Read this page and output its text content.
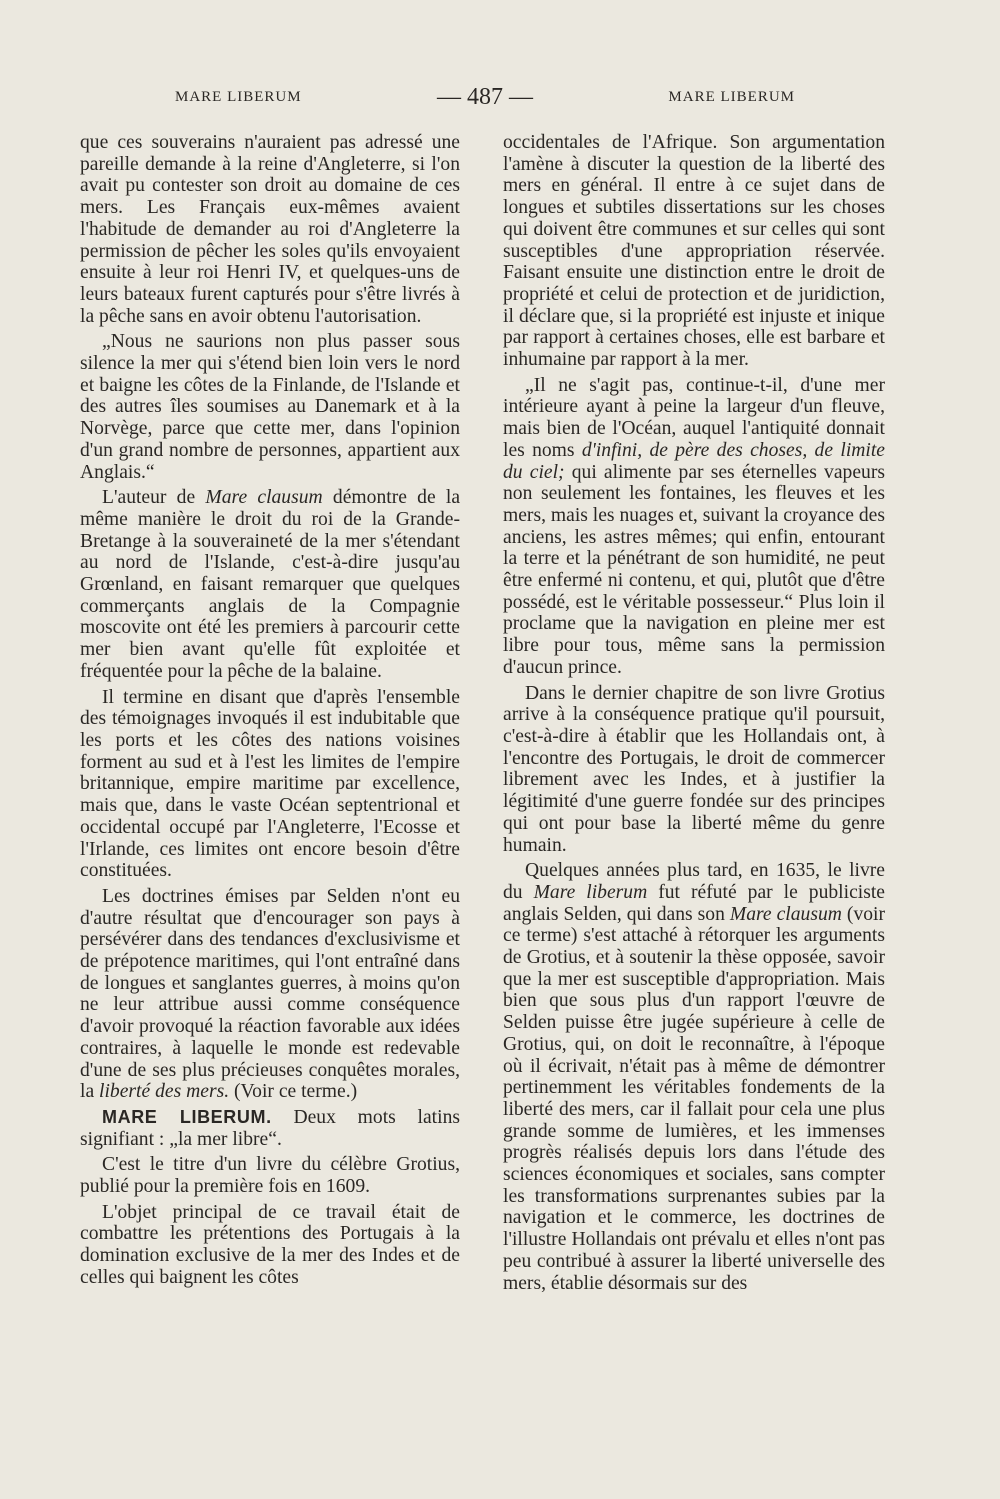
MARE LIBERUM	— 487 —	MARE LIBERUM

que ces souverains n'auraient pas adressé une pareille demande à la reine d'Angleterre, si l'on avait pu contester son droit au domaine de ces mers. Les Français eux-mêmes avaient l'habitude de demander au roi d'Angleterre la permission de pêcher les soles qu'ils envoyaient ensuite à leur roi Henri IV, et quelques-uns de leurs bateaux furent capturés pour s'être livrés à la pêche sans en avoir obtenu l'autorisation.

„Nous ne saurions non plus passer sous silence la mer qui s'étend bien loin vers le nord et baigne les côtes de la Finlande, de l'Islande et des autres îles soumises au Danemark et à la Norvège, parce que cette mer, dans l'opinion d'un grand nombre de personnes, appartient aux Anglais.“

L'auteur de Mare clausum démontre de la même manière le droit du roi de la Grande-Bretange à la souveraineté de la mer s'étendant au nord de l'Islande, c'est-à-dire jusqu'au Grœnland, en faisant remarquer que quelques commerçants anglais de la Compagnie moscovite ont été les premiers à parcourir cette mer bien avant qu'elle fût exploitée et fréquentée pour la pêche de la balaine.

Il termine en disant que d'après l'ensemble des témoignages invoqués il est indubitable que les ports et les côtes des nations voisines forment au sud et à l'est les limites de l'empire britannique, empire maritime par excellence, mais que, dans le vaste Océan septentrional et occidental occupé par l'Angleterre, l'Ecosse et l'Irlande, ces limites ont encore besoin d'être constituées.

Les doctrines émises par Selden n'ont eu d'autre résultat que d'encourager son pays à persévérer dans des tendances d'exclusivisme et de prépotence maritimes, qui l'ont entraîné dans de longues et sanglantes guerres, à moins qu'on ne leur attribue aussi comme conséquence d'avoir provoqué la réaction favorable aux idées contraires, à laquelle le monde est redevable d'une de ses plus précieuses conquêtes morales, la liberté des mers. (Voir ce terme.)

MARE LIBERUM. Deux mots latins signifiant : „la mer libre“.

C'est le titre d'un livre du célèbre Grotius, publié pour la première fois en 1609.

L'objet principal de ce travail était de combattre les prétentions des Portugais à la domination exclusive de la mer des Indes et de celles qui baignent les côtes

occidentales de l'Afrique. Son argumentation l'amène à discuter la question de la liberté des mers en général. Il entre à ce sujet dans de longues et subtiles dissertations sur les choses qui doivent être communes et sur celles qui sont susceptibles d'une appropriation réservée. Faisant ensuite une distinction entre le droit de propriété et celui de protection et de juridiction, il déclare que, si la propriété est injuste et inique par rapport à certaines choses, elle est barbare et inhumaine par rapport à la mer.

„Il ne s'agit pas, continue-t-il, d'une mer intérieure ayant à peine la largeur d'un fleuve, mais bien de l'Océan, auquel l'antiquité donnait les noms d'infini, de père des choses, de limite du ciel; qui alimente par ses éternelles vapeurs non seulement les fontaines, les fleuves et les mers, mais les nuages et, suivant la croyance des anciens, les astres mêmes; qui enfin, entourant la terre et la pénétrant de son humidité, ne peut être enfermé ni contenu, et qui, plutôt que d'être possédé, est le véritable possesseur.“ Plus loin il proclame que la navigation en pleine mer est libre pour tous, même sans la permission d'aucun prince.

Dans le dernier chapitre de son livre Grotius arrive à la conséquence pratique qu'il poursuit, c'est-à-dire à établir que les Hollandais ont, à l'encontre des Portugais, le droit de commercer librement avec les Indes, et à justifier la légitimité d'une guerre fondée sur des principes qui ont pour base la liberté même du genre humain.

Quelques années plus tard, en 1635, le livre du Mare liberum fut réfuté par le publiciste anglais Selden, qui dans son Mare clausum (voir ce terme) s'est attaché à rétorquer les arguments de Grotius, et à soutenir la thèse opposée, savoir que la mer est susceptible d'appropriation. Mais bien que sous plus d'un rapport l'œuvre de Selden puisse être jugée supérieure à celle de Grotius, qui, on doit le reconnaître, à l'époque où il écrivait, n'était pas à même de démontrer pertinemment les véritables fondements de la liberté des mers, car il fallait pour cela une plus grande somme de lumières, et les immenses progrès réalisés depuis lors dans l'étude des sciences économiques et sociales, sans compter les transformations surprenantes subies par la navigation et le commerce, les doctrines de l'illustre Hollandais ont prévalu et elles n'ont pas peu contribué à assurer la liberté universelle des mers, établie désormais sur des
